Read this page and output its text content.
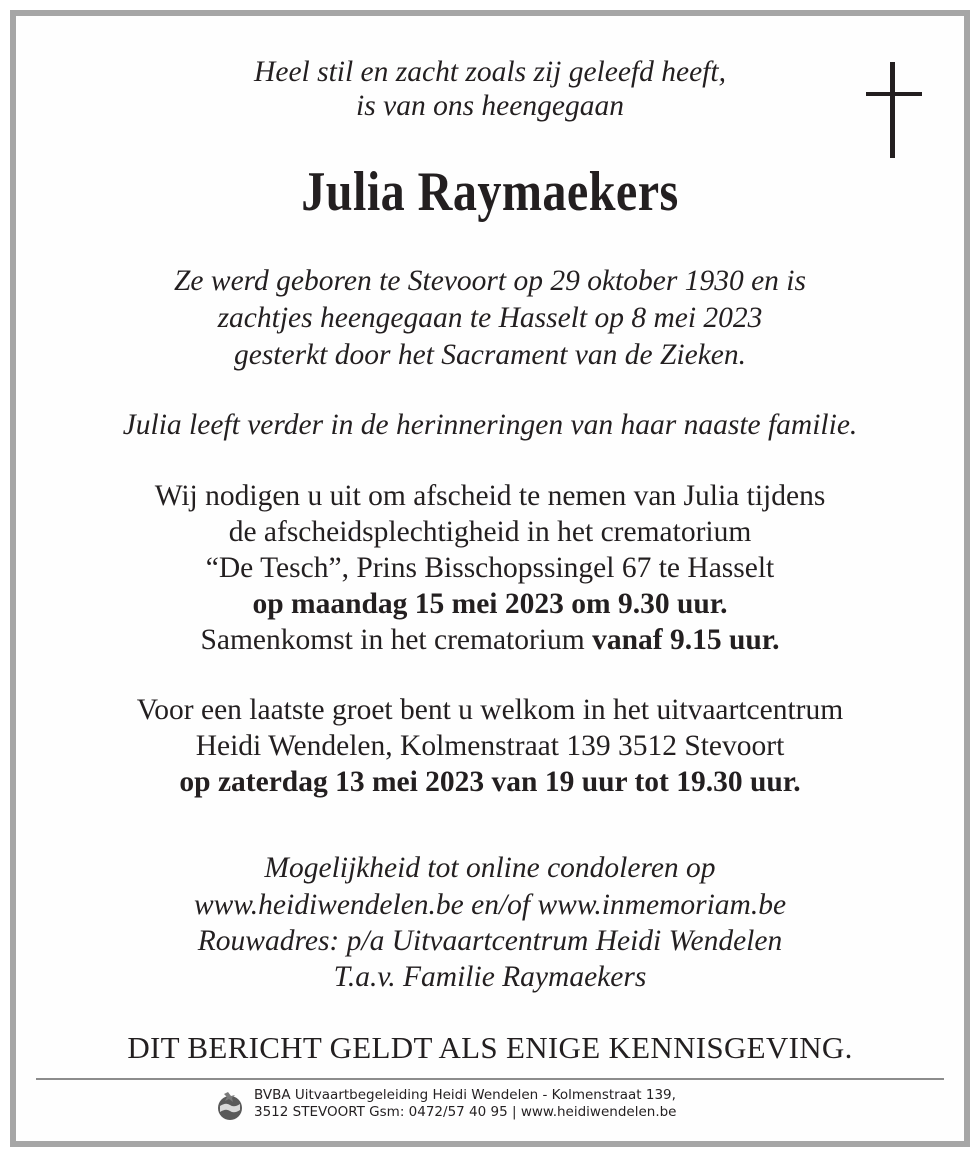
Heel stil en zacht zoals zij geleefd heeft,

is van ons heengegaan

Julia Raymaekers

Ze werd geboren te Stevoort op 29 oktober 1930 en is

zachtjes heengegaan te Hasselt op 8 mei 2023

gesterkt door het Sacrament van de Zieken.

Julia leeft verder in de herinneringen van haar naaste familie.

Wij nodigen u uit om afscheid te nemen van Julia tijdens

de afscheidsplechtigheid in het crematorium

“De Tesch”, Prins Bisschopssingel 67 te Hasselt

op maandag 15 mei 2023 om 9.30 uur.

Samenkomst in het crematorium vanaf 9.15 uur.

Voor een laatste groet bent u welkom in het uitvaartcentrum

Heidi Wendelen, Kolmenstraat 139 3512 Stevoort

op zaterdag 13 mei 2023 van 19 uur tot 19.30 uur.

Mogelijkheid tot online condoleren op

www.heidiwendelen.be en/of www.inmemoriam.be

Rouwadres: p/a Uitvaartcentrum Heidi Wendelen

T.a.v. Familie Raymaekers

DIT BERICHT GELDT ALS ENIGE KENNISGEVING.

BVBA Uitvaartbegeleiding Heidi Wendelen - Kolmenstraat 139,
3512 STEVOORT Gsm: 0472/57 40 95 | www.heidiwendelen.be
